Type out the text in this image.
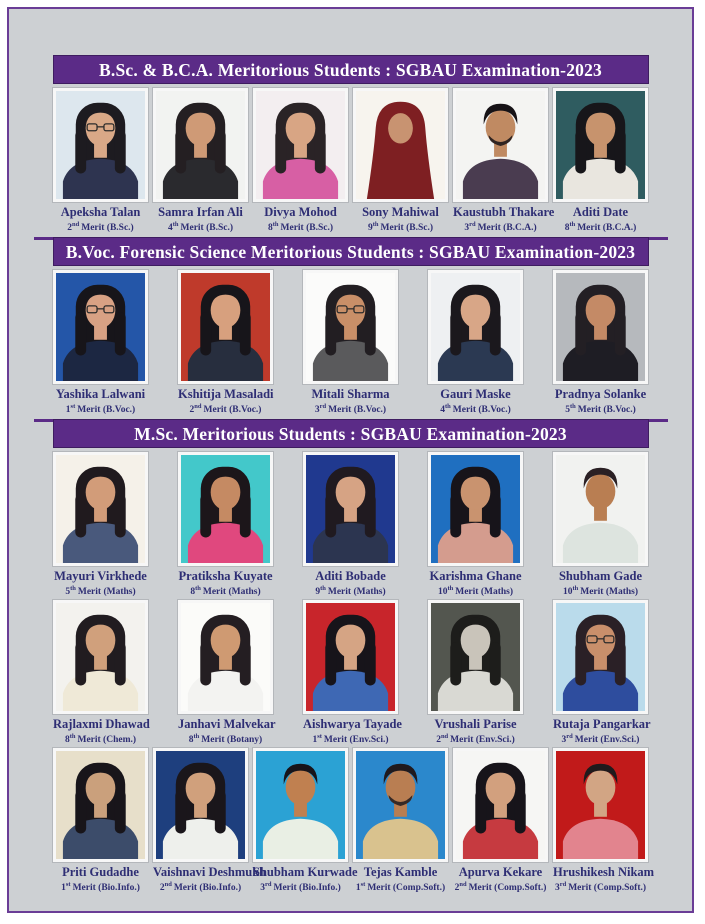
B.Sc. & B.C.A. Meritorious Students : SGBAU Examination-2023
Apeksha Talan
2nd Merit (B.Sc.)
Samra Irfan Ali
4th Merit (B.Sc.)
Divya Mohod
8th Merit (B.Sc.)
Sony Mahiwal
9th Merit (B.Sc.)
Kaustubh Thakare
3rd Merit (B.C.A.)
Aditi Date
8th Merit (B.C.A.)
B.Voc. Forensic Science Meritorious Students : SGBAU Examination-2023
Yashika Lalwani
1st Merit (B.Voc.)
Kshitija Masaladi
2nd Merit (B.Voc.)
Mitali Sharma
3rd Merit (B.Voc.)
Gauri Maske
4th Merit (B.Voc.)
Pradnya Solanke
5th Merit (B.Voc.)
M.Sc. Meritorious Students : SGBAU Examination-2023
Mayuri Virkhede
5th Merit (Maths)
Pratiksha Kuyate
8th Merit (Maths)
Aditi Bobade
9th Merit (Maths)
Karishma Ghane
10th Merit (Maths)
Shubham Gade
10th Merit (Maths)
Rajlaxmi Dhawad
8th Merit (Chem.)
Janhavi Malvekar
8th Merit (Botany)
Aishwarya Tayade
1st Merit (Env.Sci.)
Vrushali Parise
2nd Merit (Env.Sci.)
Rutaja Pangarkar
3rd Merit (Env.Sci.)
Priti Gudadhe
1st Merit (Bio.Info.)
Vaishnavi Deshmukh
2nd Merit (Bio.Info.)
Shubham Kurwade
3rd Merit (Bio.Info.)
Tejas Kamble
1st Merit (Comp.Soft.)
Apurva Kekare
2nd Merit (Comp.Soft.)
Hrushikesh Nikam
3rd Merit (Comp.Soft.)
